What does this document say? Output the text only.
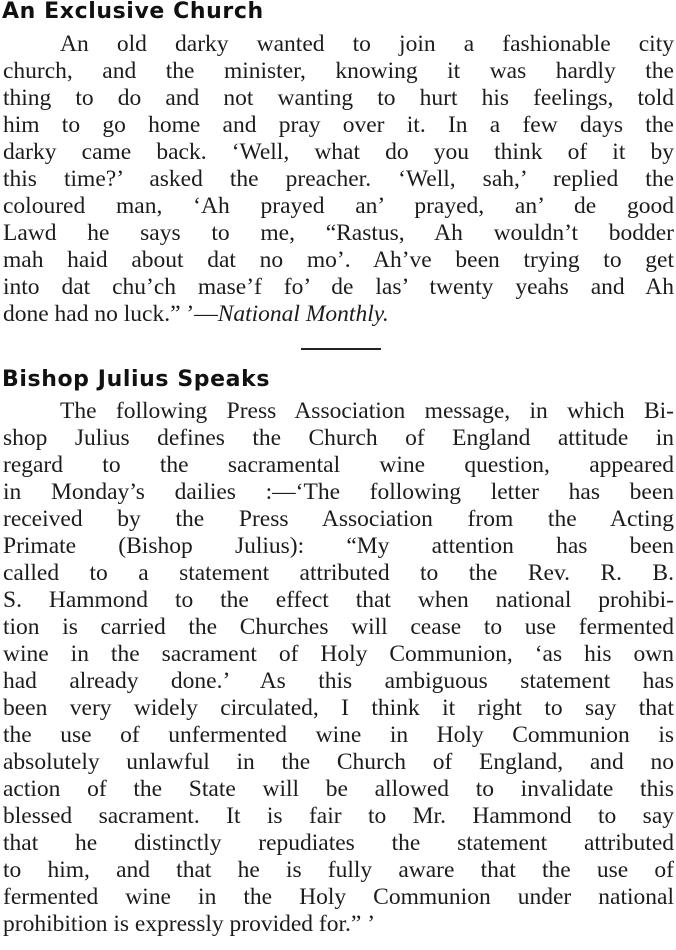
An Exclusive Church
An old darky wanted to join a fashionable city
church, and the minister, knowing it was hardly the
thing to do and not wanting to hurt his feelings, told
him to go home and pray over it. In a few days the
darky came back. ‘Well, what do you think of it by
this time?’ asked the preacher. ‘Well, sah,’ replied the
coloured man, ‘Ah prayed an’ prayed, an’ de good
Lawd he says to me, “Rastus, Ah wouldn’t bodder
mah haid about dat no mo’. Ah’ve been trying to get
into dat chu’ch mase’f fo’ de las’ twenty yeahs and Ah
done had no luck.” ’—National Monthly.
Bishop Julius Speaks
The following Press Association message, in which Bi-
shop Julius defines the Church of England attitude in
regard to the sacramental wine question, appeared
in Monday’s dailies :—‘The following letter has been
received by the Press Association from the Acting
Primate (Bishop Julius): “My attention has been
called to a statement attributed to the Rev. R. B.
S. Hammond to the effect that when national prohibi-
tion is carried the Churches will cease to use fermented
wine in the sacrament of Holy Communion, ‘as his own
had already done.’ As this ambiguous statement has
been very widely circulated, I think it right to say that
the use of unfermented wine in Holy Communion is
absolutely unlawful in the Church of England, and no
action of the State will be allowed to invalidate this
blessed sacrament. It is fair to Mr. Hammond to say
that he distinctly repudiates the statement attributed
to him, and that he is fully aware that the use of
fermented wine in the Holy Communion under national
prohibition is expressly provided for.” ’
